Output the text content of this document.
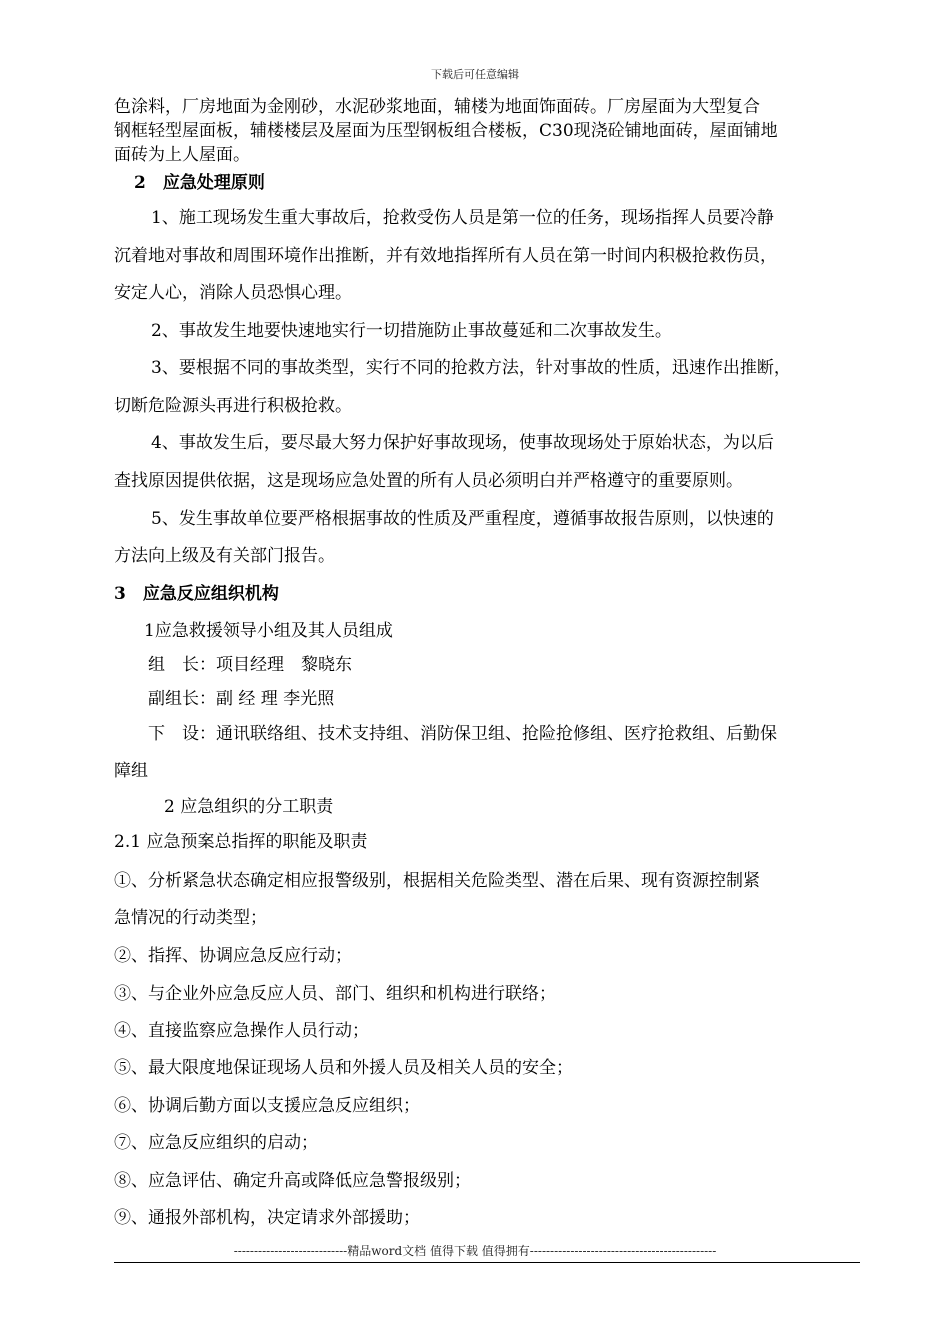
下载后可任意编辑
色涂料，厂房地面为金刚砂，水泥砂浆地面，辅楼为地面饰面砖。厂房屋面为大型复合
钢框轻型屋面板，辅楼楼层及屋面为压型钢板组合楼板，C30现浇砼铺地面砖，屋面铺地
面砖为上人屋面。
2　应急处理原则
1、施工现场发生重大事故后，抢救受伤人员是第一位的任务，现场指挥人员要冷静
沉着地对事故和周围环境作出推断，并有效地指挥所有人员在第一时间内积极抢救伤员，
安定人心，消除人员恐惧心理。
2、事故发生地要快速地实行一切措施防止事故蔓延和二次事故发生。
3、要根据不同的事故类型，实行不同的抢救方法，针对事故的性质，迅速作出推断，
切断危险源头再进行积极抢救。
4、事故发生后，要尽最大努力保护好事故现场，使事故现场处于原始状态，为以后
查找原因提供依据，这是现场应急处置的所有人员必须明白并严格遵守的重要原则。
5、发生事故单位要严格根据事故的性质及严重程度，遵循事故报告原则，以快速的
方法向上级及有关部门报告。
3　应急反应组织机构
1应急救援领导小组及其人员组成
组　长：项目经理　黎晓东
副组长：副 经 理 李光照
下　设：通讯联络组、技术支持组、消防保卫组、抢险抢修组、医疗抢救组、后勤保
障组
2 应急组织的分工职责
2.1 应急预案总指挥的职能及职责
①、分析紧急状态确定相应报警级别，根据相关危险类型、潜在后果、现有资源控制紧
急情况的行动类型；
②、指挥、协调应急反应行动；
③、与企业外应急反应人员、部门、组织和机构进行联络；
④、直接监察应急操作人员行动；
⑤、最大限度地保证现场人员和外援人员及相关人员的安全；
⑥、协调后勤方面以支援应急反应组织；
⑦、应急反应组织的启动；
⑧、应急评估、确定升高或降低应急警报级别；
⑨、通报外部机构，决定请求外部援助；
----------------------------精品word文档 值得下载 值得拥有----------------------------------------------
